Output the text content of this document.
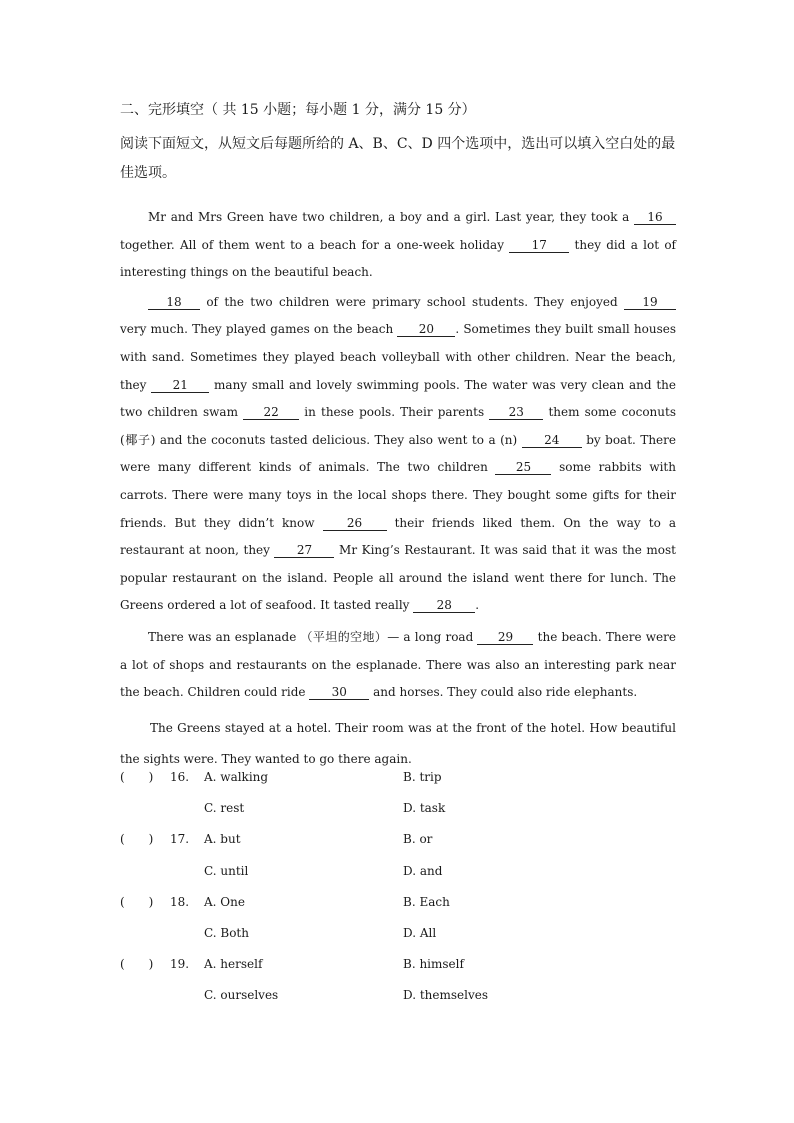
二、完形填空（ 共 15 小题；每小题 1 分，满分 15 分）

阅读下面短文，从短文后每题所给的 A、B、C、D 四个选项中，选出可以填入空白处的最佳选项。

Mr and Mrs Green have two children, a boy and a girl. Last year, they took a 16 together. All of them went to a beach for a one-week holiday 17 they did a lot of interesting things on the beautiful beach.

18 of the two children were primary school students. They enjoyed 19 very much. They played games on the beach 20 . Sometimes they built small houses with sand. Sometimes they played beach volleyball with other children. Near the beach, they 21 many small and lovely swimming pools. The water was very clean and the two children swam 22 in these pools. Their parents 23 them some coconuts (椰子) and the coconuts tasted delicious. They also went to a (n) 24 by boat. There were many different kinds of animals. The two children 25 some rabbits with carrots. There were many toys in the local shops there. They bought some gifts for their friends. But they didn’t know 26 their friends liked them. On the way to a restaurant at noon, they 27 Mr King’s Restaurant. It was said that it was the most popular restaurant on the island. People all around the island went there for lunch. The Greens ordered a lot of seafood. It tasted really 28 .

There was an esplanade （平坦的空地）— a long road 29 the beach. There were a lot of shops and restaurants on the esplanade. There was also an interesting park near the beach. Children could ride 30 and horses. They could also ride elephants.

The Greens stayed at a hotel. Their room was at the front of the hotel. How beautiful the sights were. They wanted to go there again.

(　　) 16. A. walking	B. trip
C. rest	D. task
(　　) 17. A. but	B. or
C. until	D. and
(　　) 18. A. One	B. Each
C. Both	D. All
(　　) 19. A. herself	B. himself
C. ourselves	D. themselves
